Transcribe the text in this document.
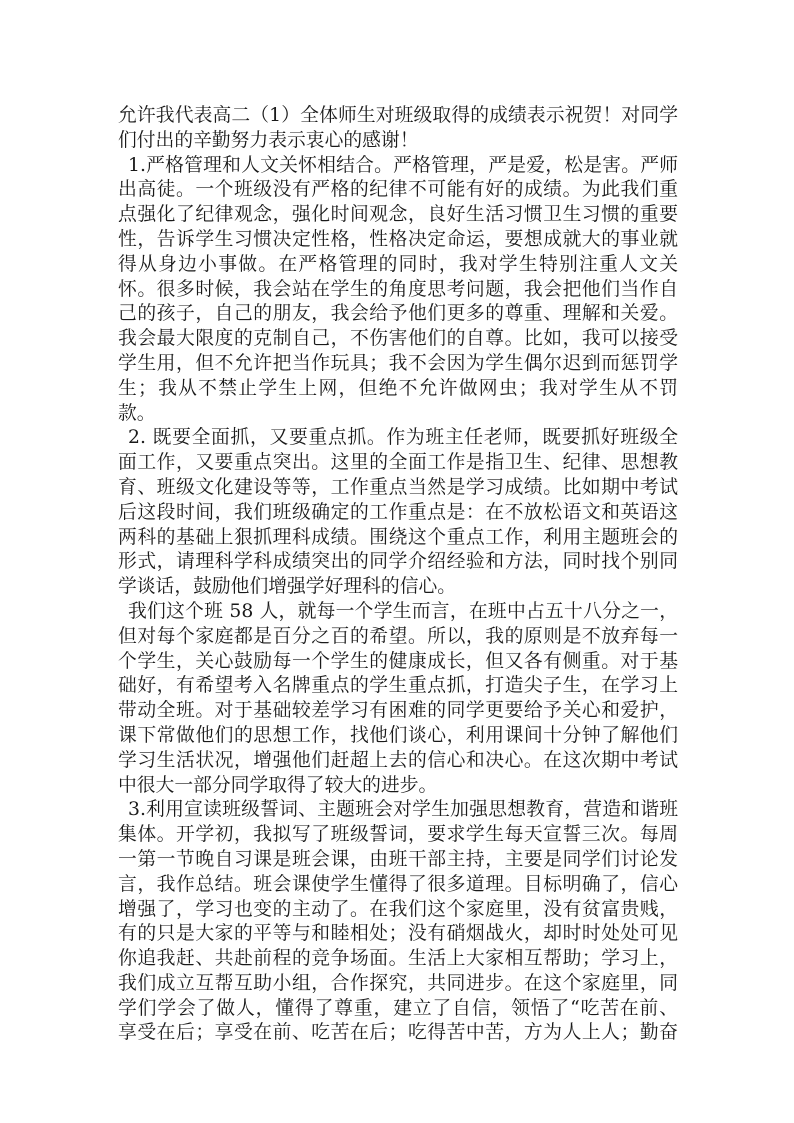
允许我代表高二（1）全体师生对班级取得的成绩表示祝贺！对同学
们付出的辛勤努力表示衷心的感谢！
1.严格管理和人文关怀相结合。严格管理，严是爱，松是害。严师
出高徒。一个班级没有严格的纪律不可能有好的成绩。为此我们重
点强化了纪律观念，强化时间观念，良好生活习惯卫生习惯的重要
性，告诉学生习惯决定性格，性格决定命运，要想成就大的事业就
得从身边小事做。在严格管理的同时，我对学生特别注重人文关
怀。很多时候，我会站在学生的角度思考问题，我会把他们当作自
己的孩子，自己的朋友，我会给予他们更多的尊重、理解和关爱。
我会最大限度的克制自己，不伤害他们的自尊。比如，我可以接受
学生用，但不允许把当作玩具；我不会因为学生偶尔迟到而惩罚学
生；我从不禁止学生上网，但绝不允许做网虫；我对学生从不罚
款。
2. 既要全面抓，又要重点抓。作为班主任老师，既要抓好班级全
面工作，又要重点突出。这里的全面工作是指卫生、纪律、思想教
育、班级文化建设等等，工作重点当然是学习成绩。比如期中考试
后这段时间，我们班级确定的工作重点是：在不放松语文和英语这
两科的基础上狠抓理科成绩。围绕这个重点工作，利用主题班会的
形式，请理科学科成绩突出的同学介绍经验和方法，同时找个别同
学谈话，鼓励他们增强学好理科的信心。
我们这个班 58 人，就每一个学生而言，在班中占五十八分之一，
但对每个家庭都是百分之百的希望。所以，我的原则是不放弃每一
个学生，关心鼓励每一个学生的健康成长，但又各有侧重。对于基
础好，有希望考入名牌重点的学生重点抓，打造尖子生，在学习上
带动全班。对于基础较差学习有困难的同学更要给予关心和爱护，
课下常做他们的思想工作，找他们谈心，利用课间十分钟了解他们
学习生活状况，增强他们赶超上去的信心和决心。在这次期中考试
中很大一部分同学取得了较大的进步。
3.利用宣读班级誓词、主题班会对学生加强思想教育，营造和谐班
集体。开学初，我拟写了班级誓词，要求学生每天宣誓三次。每周
一第一节晚自习课是班会课，由班干部主持，主要是同学们讨论发
言，我作总结。班会课使学生懂得了很多道理。目标明确了，信心
增强了，学习也变的主动了。在我们这个家庭里，没有贫富贵贱，
有的只是大家的平等与和睦相处；没有硝烟战火，却时时处处可见
你追我赶、共赴前程的竞争场面。生活上大家相互帮助；学习上，
我们成立互帮互助小组，合作探究，共同进步。在这个家庭里，同
学们学会了做人，懂得了尊重，建立了自信，领悟了“吃苦在前、
享受在后；享受在前、吃苦在后；吃得苦中苦，方为人上人；勤奋
